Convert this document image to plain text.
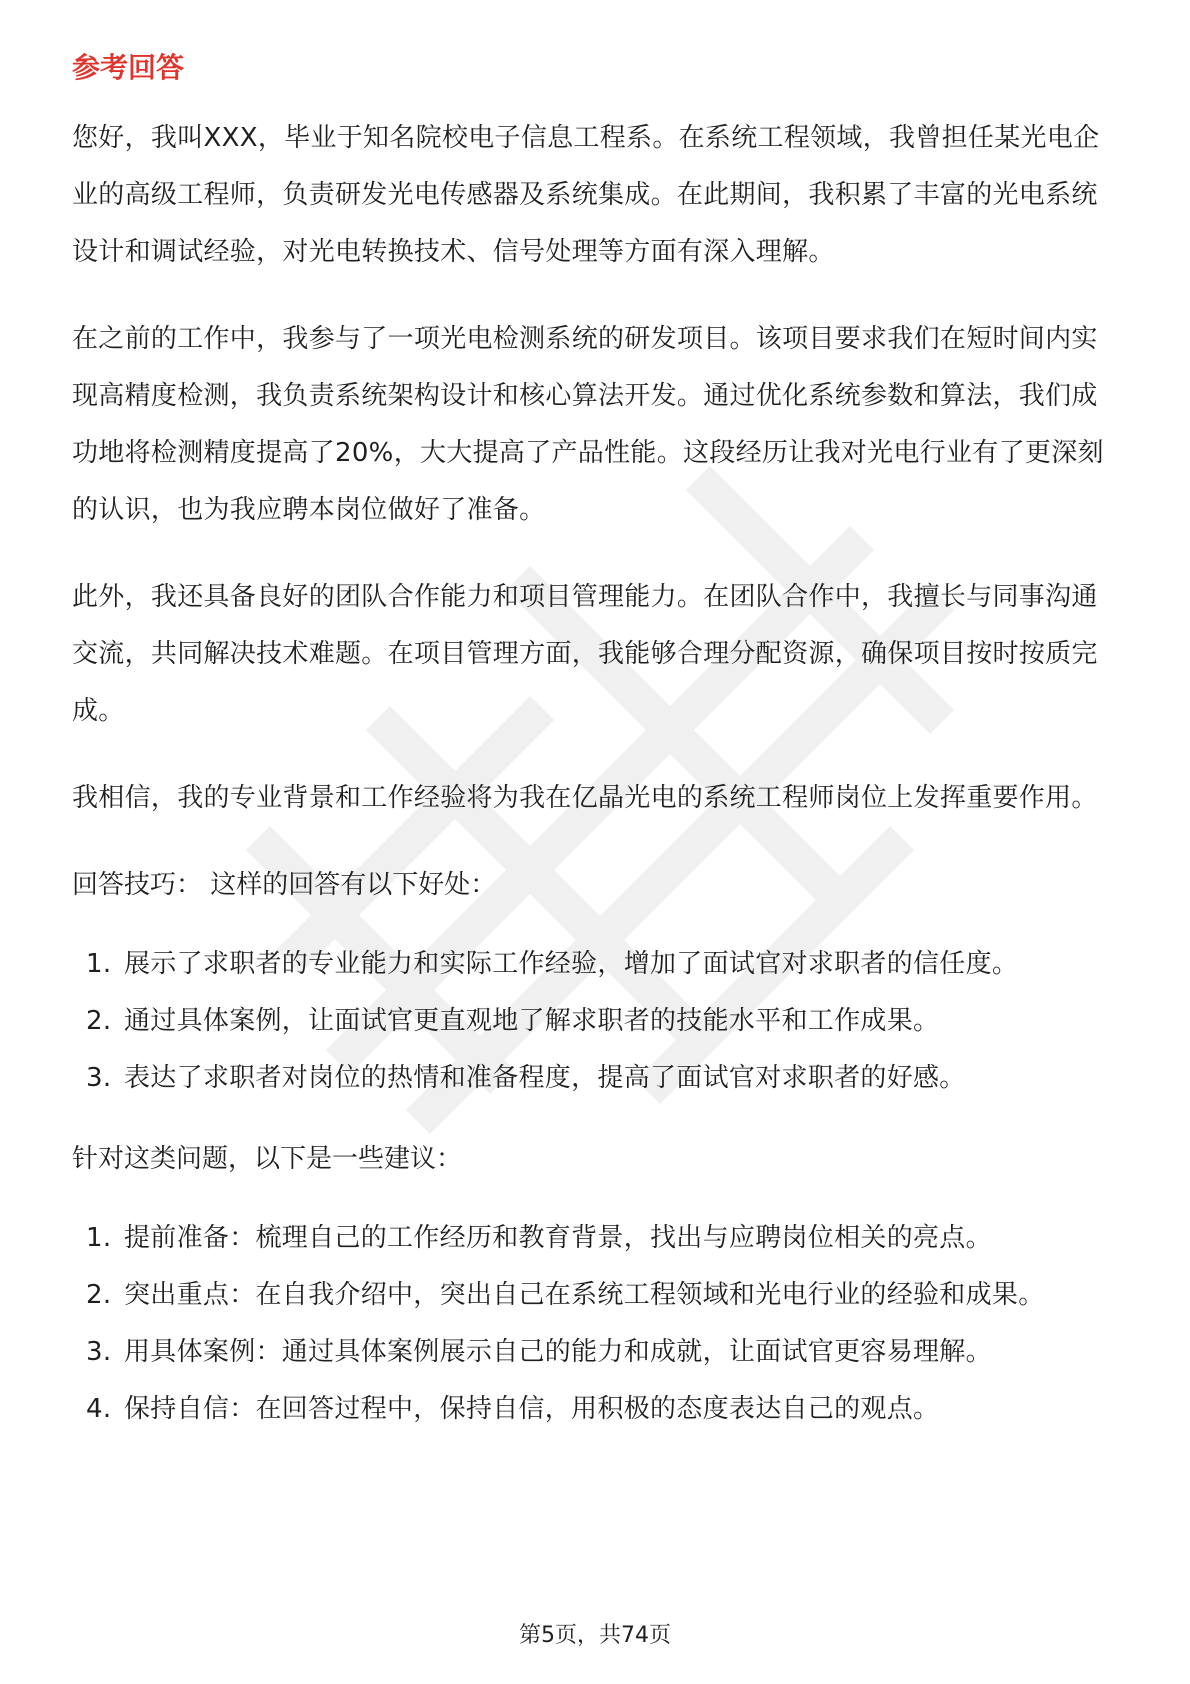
参考回答

您好，我叫XXX，毕业于知名院校电子信息工程系。在系统工程领域，我曾担任某光电企业的高级工程师，负责研发光电传感器及系统集成。在此期间，我积累了丰富的光电系统设计和调试经验，对光电转换技术、信号处理等方面有深入理解。

在之前的工作中，我参与了一项光电检测系统的研发项目。该项目要求我们在短时间内实现高精度检测，我负责系统架构设计和核心算法开发。通过优化系统参数和算法，我们成功地将检测精度提高了20%，大大提高了产品性能。这段经历让我对光电行业有了更深刻的认识，也为我应聘本岗位做好了准备。

此外，我还具备良好的团队合作能力和项目管理能力。在团队合作中，我擅长与同事沟通交流，共同解决技术难题。在项目管理方面，我能够合理分配资源，确保项目按时按质完成。

我相信，我的专业背景和工作经验将为我在亿晶光电的系统工程师岗位上发挥重要作用。

回答技巧： 这样的回答有以下好处：
1. 展示了求职者的专业能力和实际工作经验，增加了面试官对求职者的信任度。
2. 通过具体案例，让面试官更直观地了解求职者的技能水平和工作成果。
3. 表达了求职者对岗位的热情和准备程度，提高了面试官对求职者的好感。
针对这类问题，以下是一些建议：
1. 提前准备：梳理自己的工作经历和教育背景，找出与应聘岗位相关的亮点。
2. 突出重点：在自我介绍中，突出自己在系统工程领域和光电行业的经验和成果。
3. 用具体案例：通过具体案例展示自己的能力和成就，让面试官更容易理解。
4. 保持自信：在回答过程中，保持自信，用积极的态度表达自己的观点。
第5页，共74页
